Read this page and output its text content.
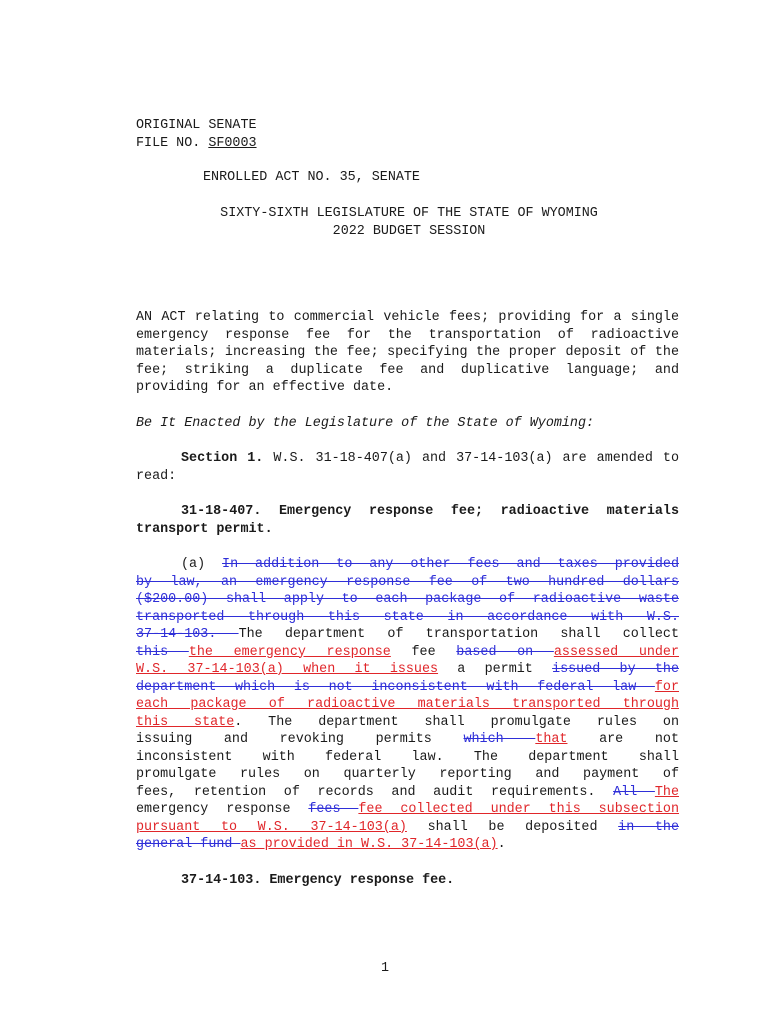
ORIGINAL SENATE
FILE NO. SF0003
ENROLLED ACT NO. 35, SENATE
SIXTY-SIXTH LEGISLATURE OF THE STATE OF WYOMING
2022 BUDGET SESSION
AN ACT relating to commercial vehicle fees; providing for a single emergency response fee for the transportation of radioactive materials; increasing the fee; specifying the proper deposit of the fee; striking a duplicate fee and duplicative language; and providing for an effective date.
Be It Enacted by the Legislature of the State of Wyoming:
Section 1. W.S. 31-18-407(a) and 37-14-103(a) are amended to read:
31-18-407. Emergency response fee; radioactive materials transport permit.
(a) In addition to any other fees and taxes provided
by law, an emergency response fee of two hundred dollars
($200.00) shall apply to each package of radioactive waste
transported through this state in accordance with W.S.
37-14-103. The department of transportation shall collect
this the emergency response fee based on assessed under
W.S. 37-14-103(a) when it issues a permit issued by the
department which is not inconsistent with federal law for
each package of radioactive materials transported through
this state. The department shall promulgate rules on
issuing and revoking permits which that are not
inconsistent with federal law. The department shall
promulgate rules on quarterly reporting and payment of
fees, retention of records and audit requirements. All The
emergency response fees fee collected under this subsection
pursuant to W.S. 37-14-103(a) shall be deposited in the
general fund as provided in W.S. 37-14-103(a).
37-14-103. Emergency response fee.
1
